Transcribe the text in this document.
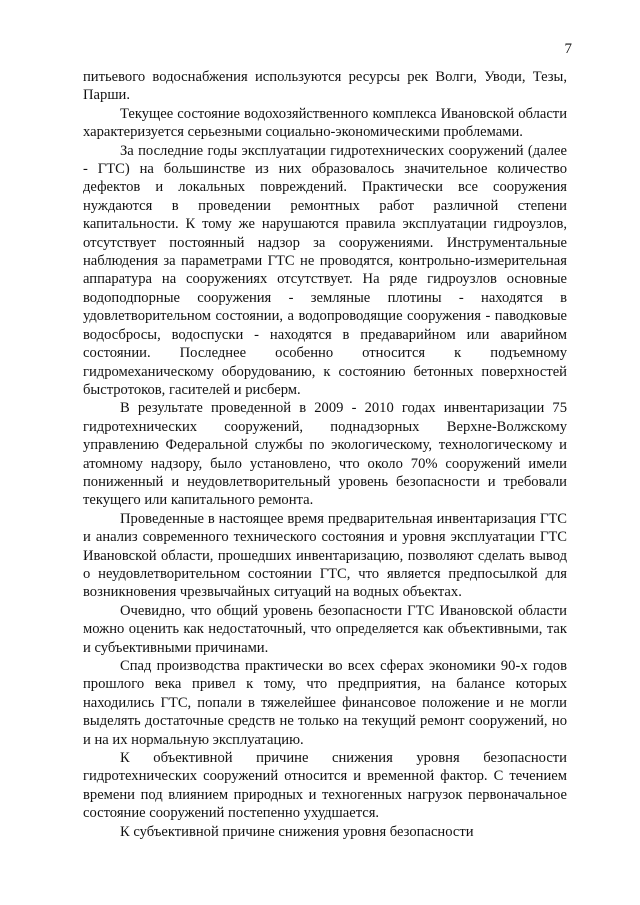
7

питьевого водоснабжения используются ресурсы рек Волги, Уводи, Тезы, Парши.

Текущее состояние водохозяйственного комплекса Ивановской области характеризуется серьезными социально-экономическими проблемами.

За последние годы эксплуатации гидротехнических сооружений (далее - ГТС) на большинстве из них образовалось значительное количество дефектов и локальных повреждений. Практически все сооружения нуждаются в проведении ремонтных работ различной степени капитальности. К тому же нарушаются правила эксплуатации гидроузлов, отсутствует постоянный надзор за сооружениями. Инструментальные наблюдения за параметрами ГТС не проводятся, контрольно-измерительная аппаратура на сооружениях отсутствует. На ряде гидроузлов основные водоподпорные сооружения - земляные плотины - находятся в удовлетворительном состоянии, а водопроводящие сооружения - паводковые водосбросы, водоспуски - находятся в предаварийном или аварийном состоянии. Последнее особенно относится к подъемному гидромеханическому оборудованию, к состоянию бетонных поверхностей быстротоков, гасителей и рисберм.

В результате проведенной в 2009 - 2010 годах инвентаризации 75 гидротехнических сооружений, поднадзорных Верхне-Волжскому управлению Федеральной службы по экологическому, технологическому и атомному надзору, было установлено, что около 70% сооружений имели пониженный и неудовлетворительный уровень безопасности и требовали текущего или капитального ремонта.

Проведенные в настоящее время предварительная инвентаризация ГТС и анализ современного технического состояния и уровня эксплуатации ГТС Ивановской области, прошедших инвентаризацию, позволяют сделать вывод о неудовлетворительном состоянии ГТС, что является предпосылкой для возникновения чрезвычайных ситуаций на водных объектах.

Очевидно, что общий уровень безопасности ГТС Ивановской области можно оценить как недостаточный, что определяется как объективными, так и субъективными причинами.

Спад производства практически во всех сферах экономики 90-х годов прошлого века привел к тому, что предприятия, на балансе которых находились ГТС, попали в тяжелейшее финансовое положение и не могли выделять достаточные средств не только на текущий ремонт сооружений, но и на их нормальную эксплуатацию.

К объективной причине снижения уровня безопасности гидротехнических сооружений относится и временной фактор. С течением времени под влиянием природных и техногенных нагрузок первоначальное состояние сооружений постепенно ухудшается.

К субъективной причине снижения уровня безопасности
